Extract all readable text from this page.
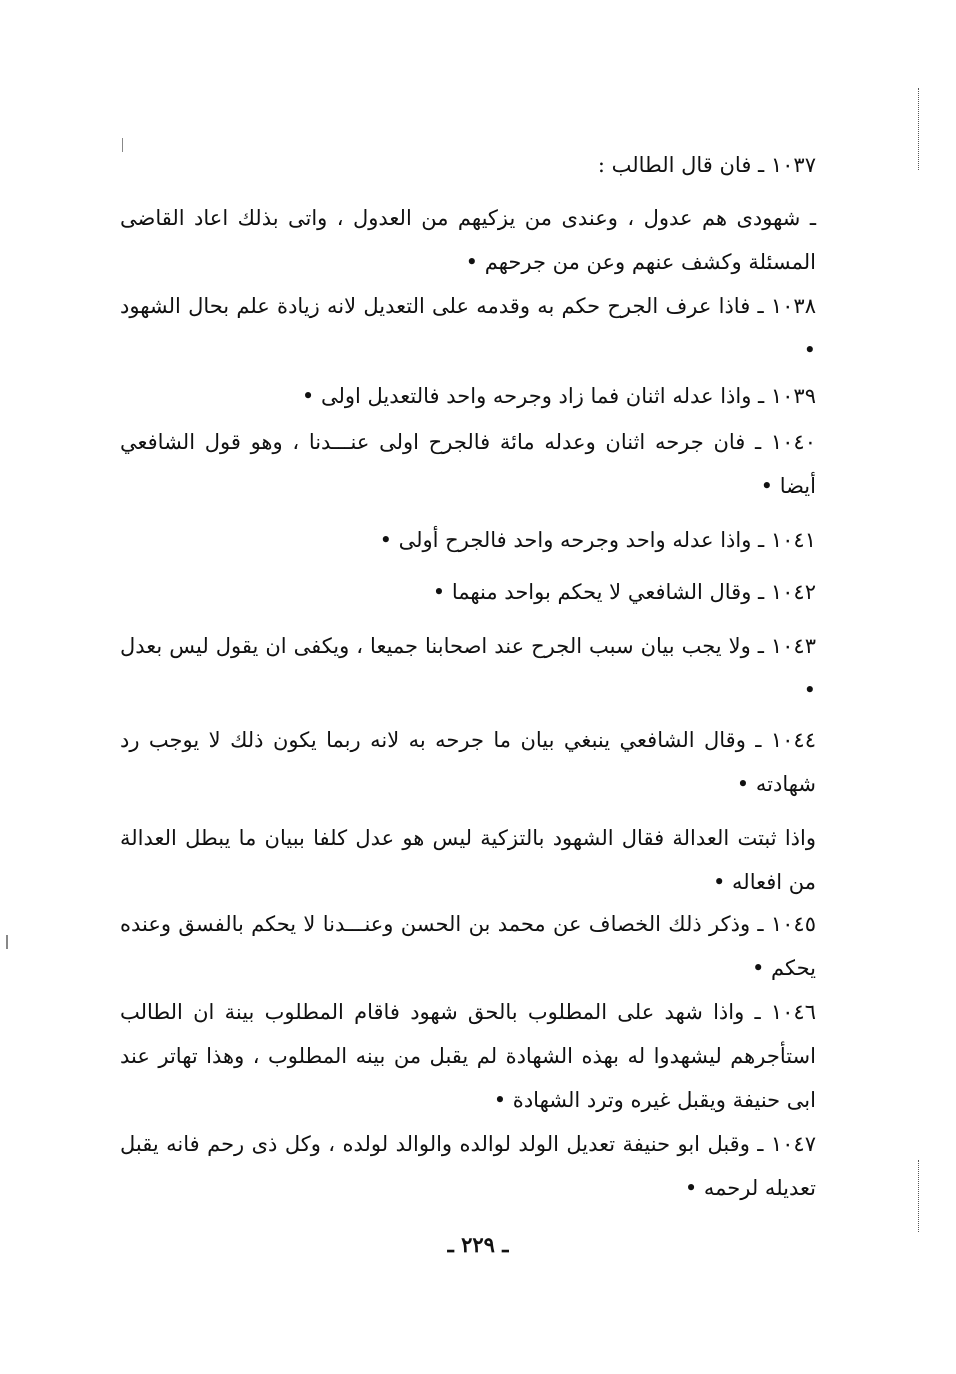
١٠٣٧ ـ فان قال الطالب :
ـ شهودى هم عدول ، وعندى من يزكيهم من العدول ، واتى بذلك اعاد القاضى المسئلة وكشف عنهم وعن من جرحهم •
١٠٣٨ ـ فاذا عرف الجرح حكم به وقدمه على التعديل لانه زيادة علم بحال الشهود •
١٠٣٩ ـ واذا عدله اثنان فما زاد وجرحه واحد فالتعديل اولى •
١٠٤٠ ـ فان جرحه اثنان وعدله مائة فالجرح اولى عنـــدنا ، وهو قول الشافعي أيضا •
١٠٤١ ـ واذا عدله واحد وجرحه واحد فالجرح أولى •
١٠٤٢ ـ وقال الشافعي لا يحكم بواحد منهما •
١٠٤٣ ـ ولا يجب بيان سبب الجرح عند اصحابنا جميعا ، ويكفى ان يقول ليس بعدل •
١٠٤٤ ـ وقال الشافعي ينبغي بيان ما جرحه به لانه ربما يكون ذلك لا يوجب رد شهادته •
واذا ثبتت العدالة فقال الشهود بالتزكية ليس هو عدل كلفا ببيان ما يبطل العدالة من افعاله •
١٠٤٥ ـ وذكر ذلك الخصاف عن محمد بن الحسن وعنـــدنا لا يحكم بالفسق وعنده يحكم •
١٠٤٦ ـ واذا شهد على المطلوب بالحق شهود فاقام المطلوب بينة ان الطالب استأجرهم ليشهدوا له بهذه الشهادة لم يقبل من بينه المطلوب ، وهذا تهاتر عند ابى حنيفة ويقبل غيره وترد الشهادة •
١٠٤٧ ـ وقبل ابو حنيفة تعديل الولد لوالده والوالد لولده ، وكل ذى رحم فانه يقبل تعديله لرحمه •
ـ ٢٢٩ ـ
